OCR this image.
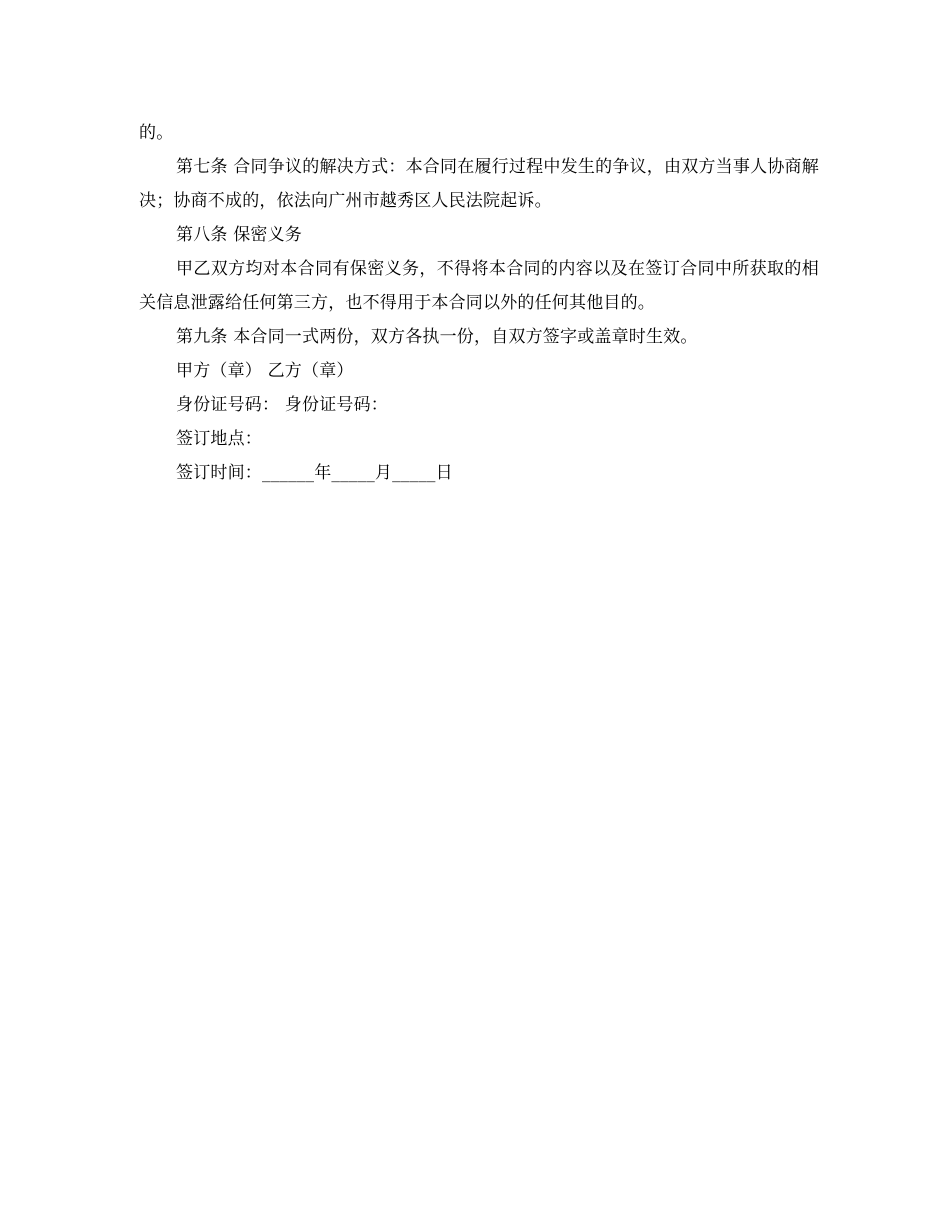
的。

第七条 合同争议的解决方式：本合同在履行过程中发生的争议，由双方当事人协商解决；协商不成的，依法向广州市越秀区人民法院起诉。

第八条 保密义务

甲乙双方均对本合同有保密义务，不得将本合同的内容以及在签订合同中所获取的相关信息泄露给任何第三方，也不得用于本合同以外的任何其他目的。

第九条 本合同一式两份，双方各执一份，自双方签字或盖章时生效。

甲方（章） 乙方（章）

身份证号码： 身份证号码：

签订地点：

签订时间：______年_____月_____日
